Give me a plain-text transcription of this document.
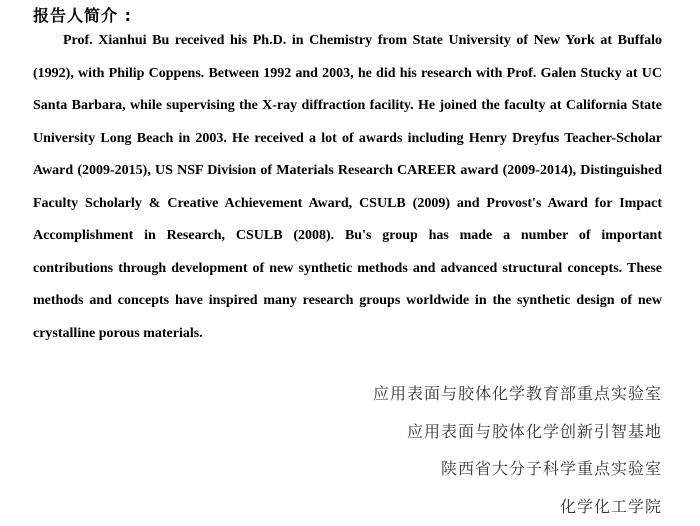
报告人简介 :
Prof. Xianhui Bu received his Ph.D. in Chemistry from State University of New York at Buffalo
(1992), with Philip Coppens. Between 1992 and 2003, he did his research with Prof. Galen Stucky at UC
Santa Barbara, while supervising the X-ray diffraction facility. He joined the faculty at California State
University Long Beach in 2003. He received a lot of awards including Henry Dreyfus Teacher-Scholar
Award (2009-2015), US NSF Division of Materials Research CAREER award (2009-2014), Distinguished
Faculty Scholarly & Creative Achievement Award, CSULB (2009) and Provost's Award for Impact
Accomplishment in Research, CSULB (2008). Bu's group has made a number of important
contributions through development of new synthetic methods and advanced structural concepts. These
methods and concepts have inspired many research groups worldwide in the synthetic design of new
crystalline porous materials.
应用表面与胶体化学教育部重点实验室
应用表面与胶体化学创新引智基地
陕西省大分子科学重点实验室
化学化工学院
